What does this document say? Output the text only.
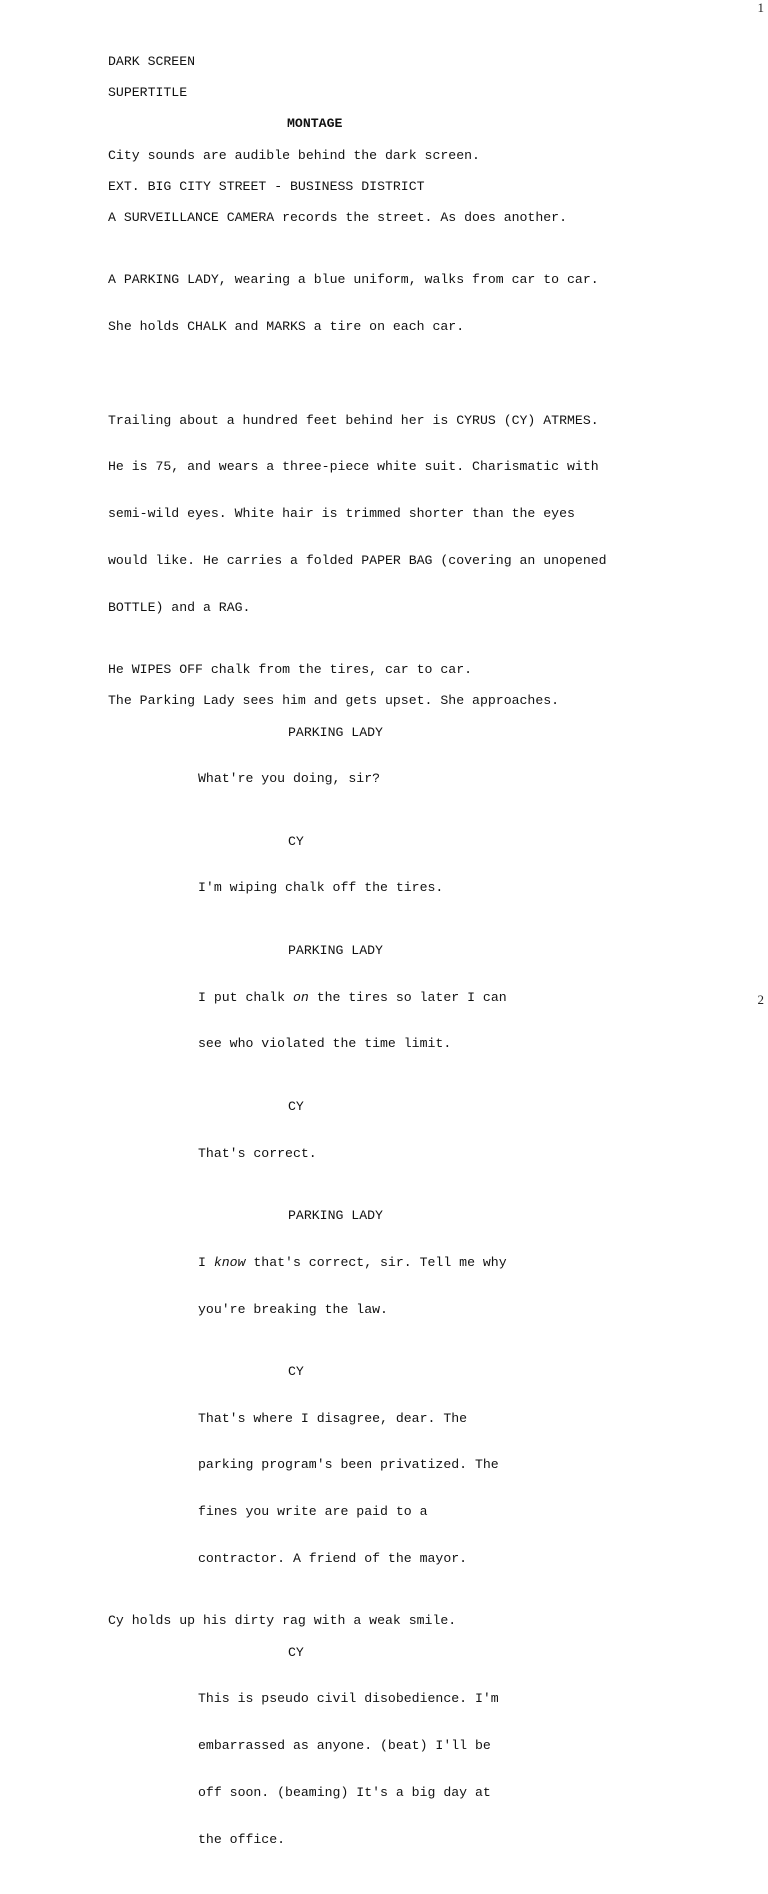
1
DARK SCREEN
SUPERTITLE
MONTAGE
City sounds are audible behind the dark screen.
EXT. BIG CITY STREET - BUSINESS DISTRICT
A SURVEILLANCE CAMERA records the street. As does another.

A PARKING LADY, wearing a blue uniform, walks from car to car.

She holds CHALK and MARKS a tire on each car.

Trailing about a hundred feet behind her is CYRUS (CY) ATRMES.

He is 75, and wears a three-piece white suit. Charismatic with

semi-wild eyes. White hair is trimmed shorter than the eyes

would like. He carries a folded PAPER BAG (covering an unopened

BOTTLE) and a RAG.

He WIPES OFF chalk from the tires, car to car.
The Parking Lady sees him and gets upset. She approaches.
PARKING LADY

What're you doing, sir?

CY

I'm wiping chalk off the tires.

PARKING LADY

I put chalk on the tires so later I can

see who violated the time limit.

CY

That's correct.

PARKING LADY

I know that's correct, sir. Tell me why

you're breaking the law.

CY

That's where I disagree, dear. The

parking program's been privatized. The

fines you write are paid to a

contractor. A friend of the mayor.

Cy holds up his dirty rag with a weak smile.
CY

This is pseudo civil disobedience. I'm

embarrassed as anyone. (beat) I'll be

off soon. (beaming) It's a big day at

the office.

2
